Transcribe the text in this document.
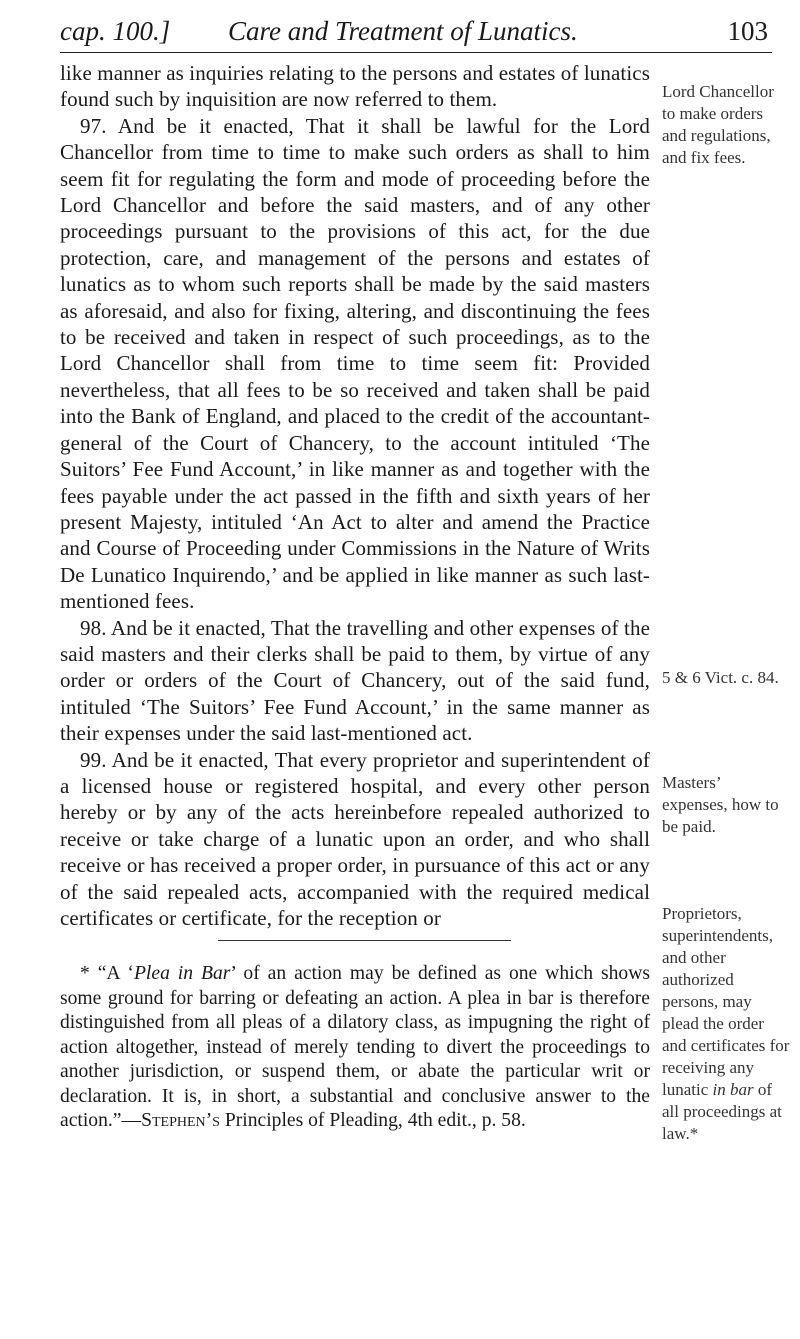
cap. 100.] Care and Treatment of Lunatics.	103

like manner as inquiries relating to the persons and estates of lunatics found such by inquisition are now referred to them.

97. And be it enacted, That it shall be lawful for the Lord Chancellor from time to time to make such orders as shall to him seem fit for regulating the form and mode of proceeding before the Lord Chancellor and before the said masters, and of any other proceedings pursuant to the provisions of this act, for the due protection, care, and management of the persons and estates of lunatics as to whom such reports shall be made by the said masters as aforesaid, and also for fixing, altering, and discontinuing the fees to be received and taken in respect of such proceedings, as to the Lord Chancellor shall from time to time seem fit: Provided nevertheless, that all fees to be so received and taken shall be paid into the Bank of England, and placed to the credit of the accountant-general of the Court of Chancery, to the account intituled ‘The Suitors’ Fee Fund Account,’ in like manner as and together with the fees payable under the act passed in the fifth and sixth years of her present Majesty, intituled ‘An Act to alter and amend the Practice and Course of Proceeding under Commissions in the Nature of Writs De Lunatico Inquirendo,’ and be applied in like manner as such last-mentioned fees.

98. And be it enacted, That the travelling and other expenses of the said masters and their clerks shall be paid to them, by virtue of any order or orders of the Court of Chancery, out of the said fund, intituled ‘The Suitors’ Fee Fund Account,’ in the same manner as their expenses under the said last-mentioned act.

99. And be it enacted, That every proprietor and superintendent of a licensed house or registered hospital, and every other person hereby or by any of the acts hereinbefore repealed authorized to receive or take charge of a lunatic upon an order, and who shall receive or has received a proper order, in pursuance of this act or any of the said repealed acts, accompanied with the required medical certificates or certificate, for the reception or

* “A ‘Plea in Bar’ of an action may be defined as one which shows some ground for barring or defeating an action. A plea in bar is therefore distinguished from all pleas of a dilatory class, as impugning the right of action altogether, instead of merely tending to divert the proceedings to another jurisdiction, or suspend them, or abate the particular writ or declaration. It is, in short, a substantial and conclusive answer to the action.”—Stephen’s Principles of Pleading, 4th edit., p. 58.

Lord Chancellor to make orders and regulations, and fix fees.
5 & 6 Vict. c. 84.
Masters’ expenses, how to be paid.
Proprietors, superintendents, and other authorized persons, may plead the order and certificates for receiving any lunatic in bar of all proceedings at law.*
